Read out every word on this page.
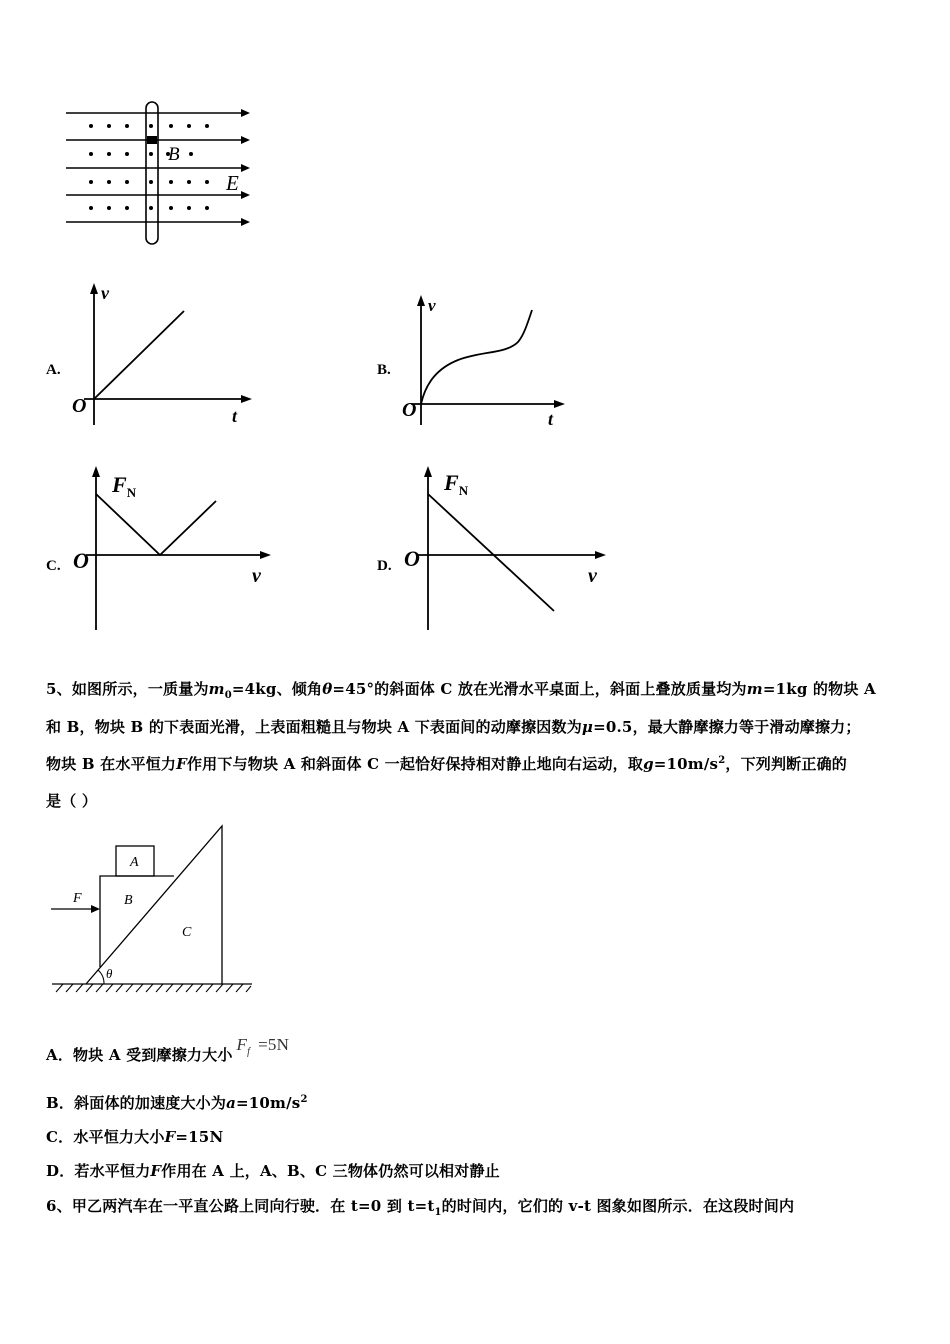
B
E
A.
v
t
O
B.
v
t
O
C.
$F_N$
v
O	D.
$F_N$
v
O
5、如图所示，一质量为$m_0=4kg$、倾角θ=45°的斜面体 C 放在光滑水平桌面上，斜面上叠放质量均为m=1kg 的物块 A
和 B，物块 B 的下表面光滑，上表面粗糙且与物块 A 下表面间的动摩擦因数为μ=0.5，最大静摩擦力等于滑动摩擦力；
物块 B 在水平恒力F作用下与物块 A 和斜面体 C 一起恰好保持相对静止地向右运动，取$g=10m/s^2$，下列判断正确的
是（ ）
A
B
C
F
θ
A．物块 A 受到摩擦力大小$F_f =5N$
B．斜面体的加速度大小为$a=10m/s^2$
C．水平恒力大小F=15N
D．若水平恒力F作用在 A 上，A、B、C 三物体仍然可以相对静止
6、甲乙两汽车在一平直公路上同向行驶．在 t=0 到 $t=t_1$的时间内，它们的 v-t 图象如图所示．在这段时间内
